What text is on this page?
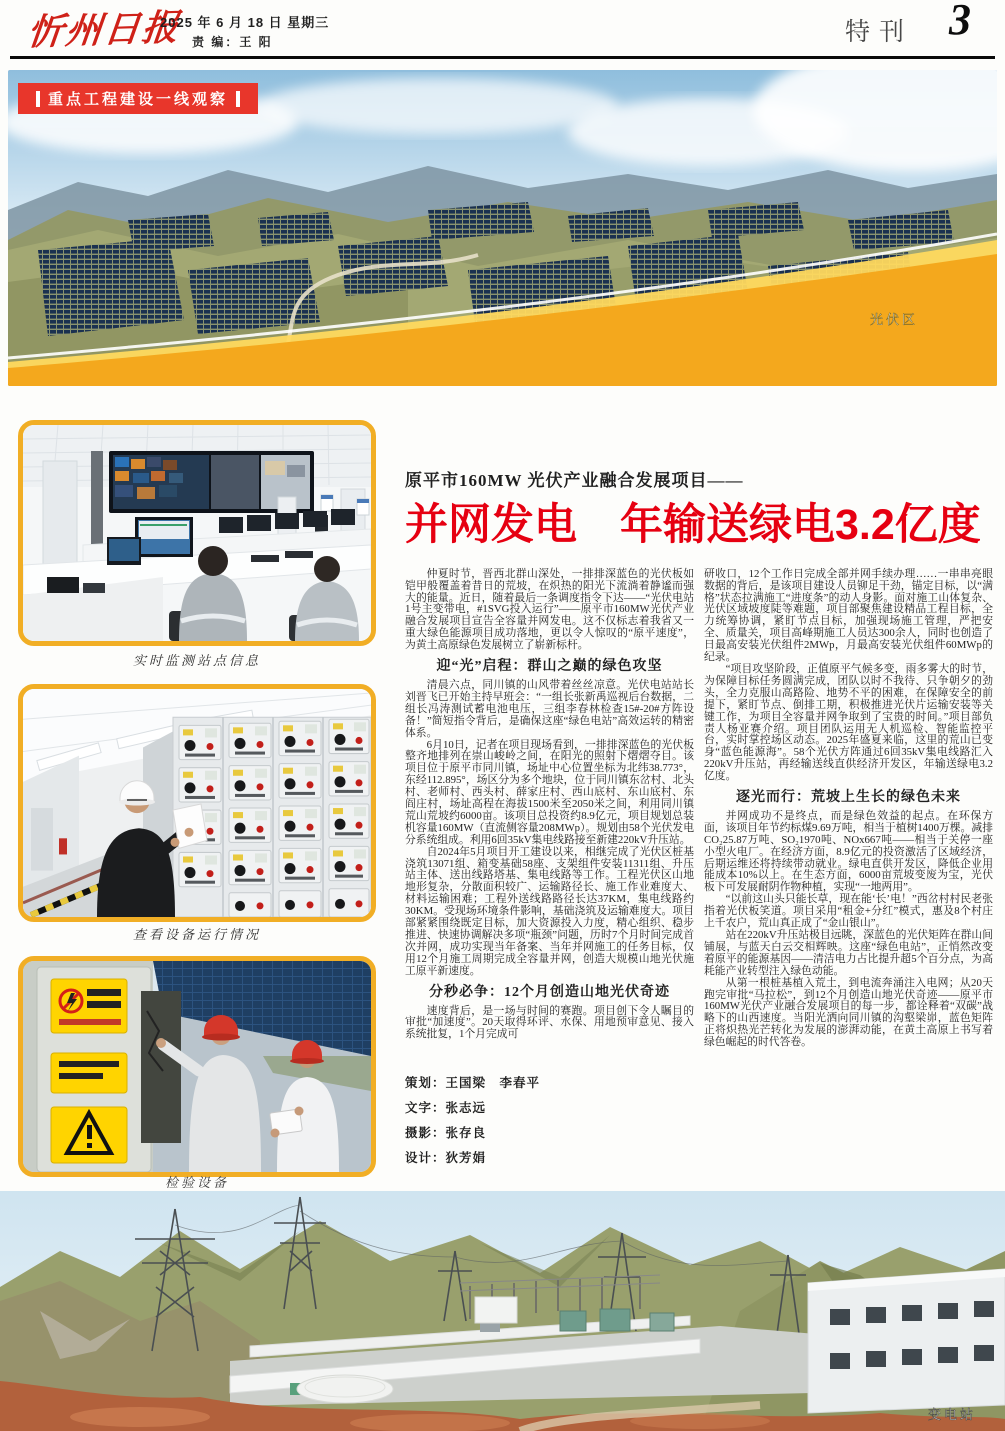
忻州日报
2025 年 6 月 18 日 星期三
责 编：王 阳	特刊 3
光伏区
重点工程建设一线观察
实时监测站点信息
查看设备运行情况
检验设备
原平市160MW 光伏产业融合发展项目——
并网发电　年输送绿电3.2亿度

仲夏时节，晋西北群山深处，一排排深蓝色的光伏板如铠甲般覆盖着昔日的荒坡，在炽热的阳光下流淌着静谧而强大的能量。近日，随着最后一条调度指令下达——“光伏电站1号主变带电，#1SVG投入运行”——原平市160MW光伏产业融合发展项目宣告全容量并网发电。这不仅标志着我省又一重大绿色能源项目成功落地，更以令人惊叹的“原平速度”，为黄土高原绿色发展树立了崭新标杆。

迎“光”启程：群山之巅的绿色攻坚

清晨六点，同川镇的山风带着丝丝凉意。光伏电站站长刘晋飞已开始主持早班会：“一组长张新禹巡视后台数据，二组长冯涛测试蓄电池电压，三组李春林检查15#-20#方阵设备！”简短指令背后，是确保这座“绿色电站”高效运转的精密体系。

6月10日，记者在项目现场看到，一排排深蓝色的光伏板整齐地排列在崇山峻岭之间，在阳光的照射下熠熠夺目。该项目位于原平市同川镇，场址中心位置坐标为北纬38.773°，东经112.895°，场区分为多个地块，位于同川镇东岔村、北头村、老师村、西头村、薛家庄村、西山底村、东山底村、东阎庄村，场址高程在海拔1500米至2050米之间，利用同川镇荒山荒坡约6000亩。该项目总投资约8.9亿元，项目规划总装机容量160MW（直流侧容量208MWp）。规划由58个光伏发电分系统组成。利用6回35kV集电线路接至新建220kV升压站。

自2024年5月项目开工建设以来，相继完成了光伏区桩基浇筑13071组、箱变基础58座、支架组件安装11311组、升压站主体、送出线路塔基、集电线路等工作。工程光伏区山地地形复杂，分散面积较广、运输路径长、施工作业难度大、材料运输困难；工程外送线路路径长达37KM，集电线路约30KM。受现场环境条件影响，基础浇筑及运输难度大。项目部紧紧围绕既定目标，加大资源投入力度，精心组织、稳步推进、快速协调解决多项“瓶颈”问题，历时7个月时间完成首次并网，成功实现当年备案、当年并网施工的任务目标，仅用12个月施工周期完成全容量并网，创造大规模山地光伏施工原平新速度。

分秒必争：12个月创造山地光伏奇迹

速度背后，是一场与时间的赛跑。项目创下令人瞩目的审批“加速度”。20天取得环评、水保、用地预审意见、接入系统批复，1个月完成可

策划：王国梁　李春平
文字：张志远
摄影：张存良
设计：狄芳娟

研收口，12个工作日完成全部并网手续办理……一串串亮眼数据的背后，是该项目建设人员铆足干劲，锚定目标，以“满格”状态拉满施工“进度条”的动人身影。面对施工山体复杂、光伏区域坡度陡等难题，项目部聚焦建设精品工程目标，全力统筹协调，紧盯节点目标，加强现场施工管理，严把安全、质量关，项目高峰期施工人员达300余人，同时也创造了日最高安装光伏组件2MWp，月最高安装光伏组件60MWp的纪录。

“项目攻坚阶段，正值原平气候多变，雨多雾大的时节，为保障目标任务圆满完成，团队以时不我待、只争朝夕的劲头，全力克服山高路险、地势不平的困难，在保障安全的前提下，紧盯节点、倒排工期，积极推进光伏片运输安装等关键工作，为项目全容量并网争取到了宝贵的时间。”项目部负责人杨亚赛介绍。项目团队运用无人机巡检、智能监控平台，实时掌控场区动态。2025年盛夏来临，这里的荒山已变身“蓝色能源海”。58个光伏方阵通过6回35kV集电线路汇入220kV升压站，再经输送线直供经济开发区，年输送绿电3.2亿度。

逐光而行：荒坡上生长的绿色未来

并网成功不是终点，而是绿色效益的起点。在环保方面，该项目年节约标煤9.69万吨，相当于植树1400万棵。减排CO₂25.87万吨、SO₂1970吨、NOx667吨——相当于关停一座小型火电厂。在经济方面，8.9亿元的投资激活了区域经济，后期运维还将持续带动就业。绿电直供开发区，降低企业用能成本10%以上。在生态方面，6000亩荒坡变废为宝，光伏板下可发展耐阴作物种植，实现“一地两用”。

“以前这山头只能长草，现在能‘长’电！”西岔村村民老张指着光伏板笑道。项目采用“租金+分红”模式，惠及8个村庄上千农户，荒山真正成了“金山银山”。

站在220kV升压站极目远眺，深蓝色的光伏矩阵在群山间铺展，与蓝天白云交相辉映。这座“绿色电站”，正悄然改变着原平的能源基因——清洁电力占比提升超5个百分点，为高耗能产业转型注入绿色动能。

从第一根桩基植入荒土，到电流奔涌注入电网；从20天跑完审批“马拉松”，到12个月创造山地光伏奇迹——原平市160MW光伏产业融合发展项目的每一步，都诠释着“双碳”战略下的山西速度。当阳光洒向同川镇的沟壑梁峁，蓝色矩阵正将炽热光芒转化为发展的澎湃动能，在黄土高原上书写着绿色崛起的时代答卷。

变电站
